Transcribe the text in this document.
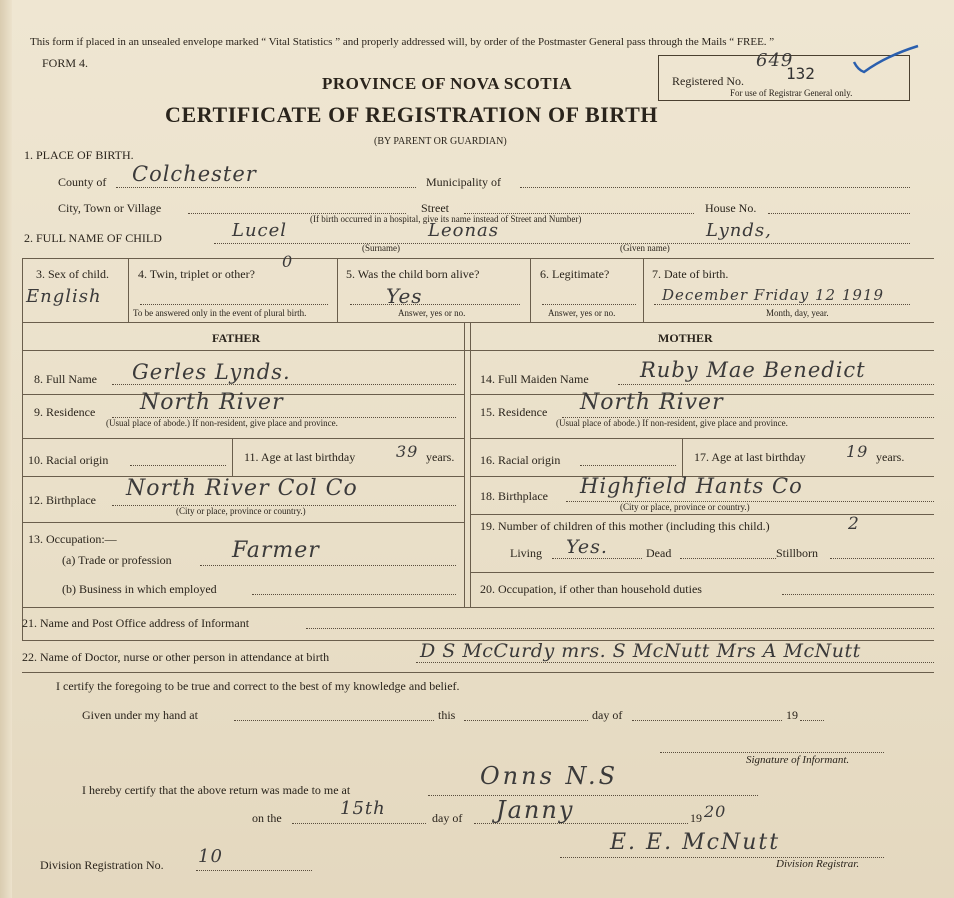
This form if placed in an unsealed envelope marked “ Vital Statistics ” and properly addressed will, by order of the Postmaster General pass through the Mails “ FREE. ”
FORM 4.
PROVINCE OF NOVA SCOTIA
CERTIFICATE OF REGISTRATION OF BIRTH
(BY PARENT OR GUARDIAN)
Registered No.
649
132
For use of Registrar General only.
1. PLACE OF BIRTH.
County of Colchester	Municipality of
City, Town or Village	Street	House No.
(If birth occurred in a hospital, give its name instead of Street and Number)
2. FULL NAME OF CHILD	Lucel	Leonas	Lynds,
(Surname)	(Given name)
3. Sex of child.
English
4. Twin, triplet or other?
0
To be answered only in the event of plural birth.
5. Was the child born alive?
Yes
Answer, yes or no.
6. Legitimate?
Answer, yes or no.
7. Date of birth.
December Friday 12 1919
Month, day, year.
FATHER	MOTHER
8. Full Name Gerles Lynds.
9. Residence North River
(Usual place of abode.) If non-resident, give place and province.
10. Racial origin	11. Age at last birthday	39 years.
12. Birthplace North River Col Co
(City or place, province or country.)
13. Occupation:—
(a) Trade or profession	Farmer
(b) Business in which employed
14. Full Maiden Name Ruby Mae Benedict
15. Residence North River
(Usual place of abode.) If non-resident, give place and province.
16. Racial origin	17. Age at last birthday	19 years.
18. Birthplace Highfield Hants Co
(City or place, province or country.)
19. Number of children of this mother (including this child.)	2
Living Yes.	Dead	Stillborn
20. Occupation, if other than household duties
21. Name and Post Office address of Informant
22. Name of Doctor, nurse or other person in attendance at birth	D S McCurdy mrs. S McNutt Mrs A McNutt
I certify the foregoing to be true and correct to the best of my knowledge and belief.
Given under my hand at	this	day of	19
Signature of Informant.
I hereby certify that the above return was made to me at	Onns N.S
on the	15th	day of Janny	19 20
E. E. McNutt
Division Registrar.
Division Registration No. 10
